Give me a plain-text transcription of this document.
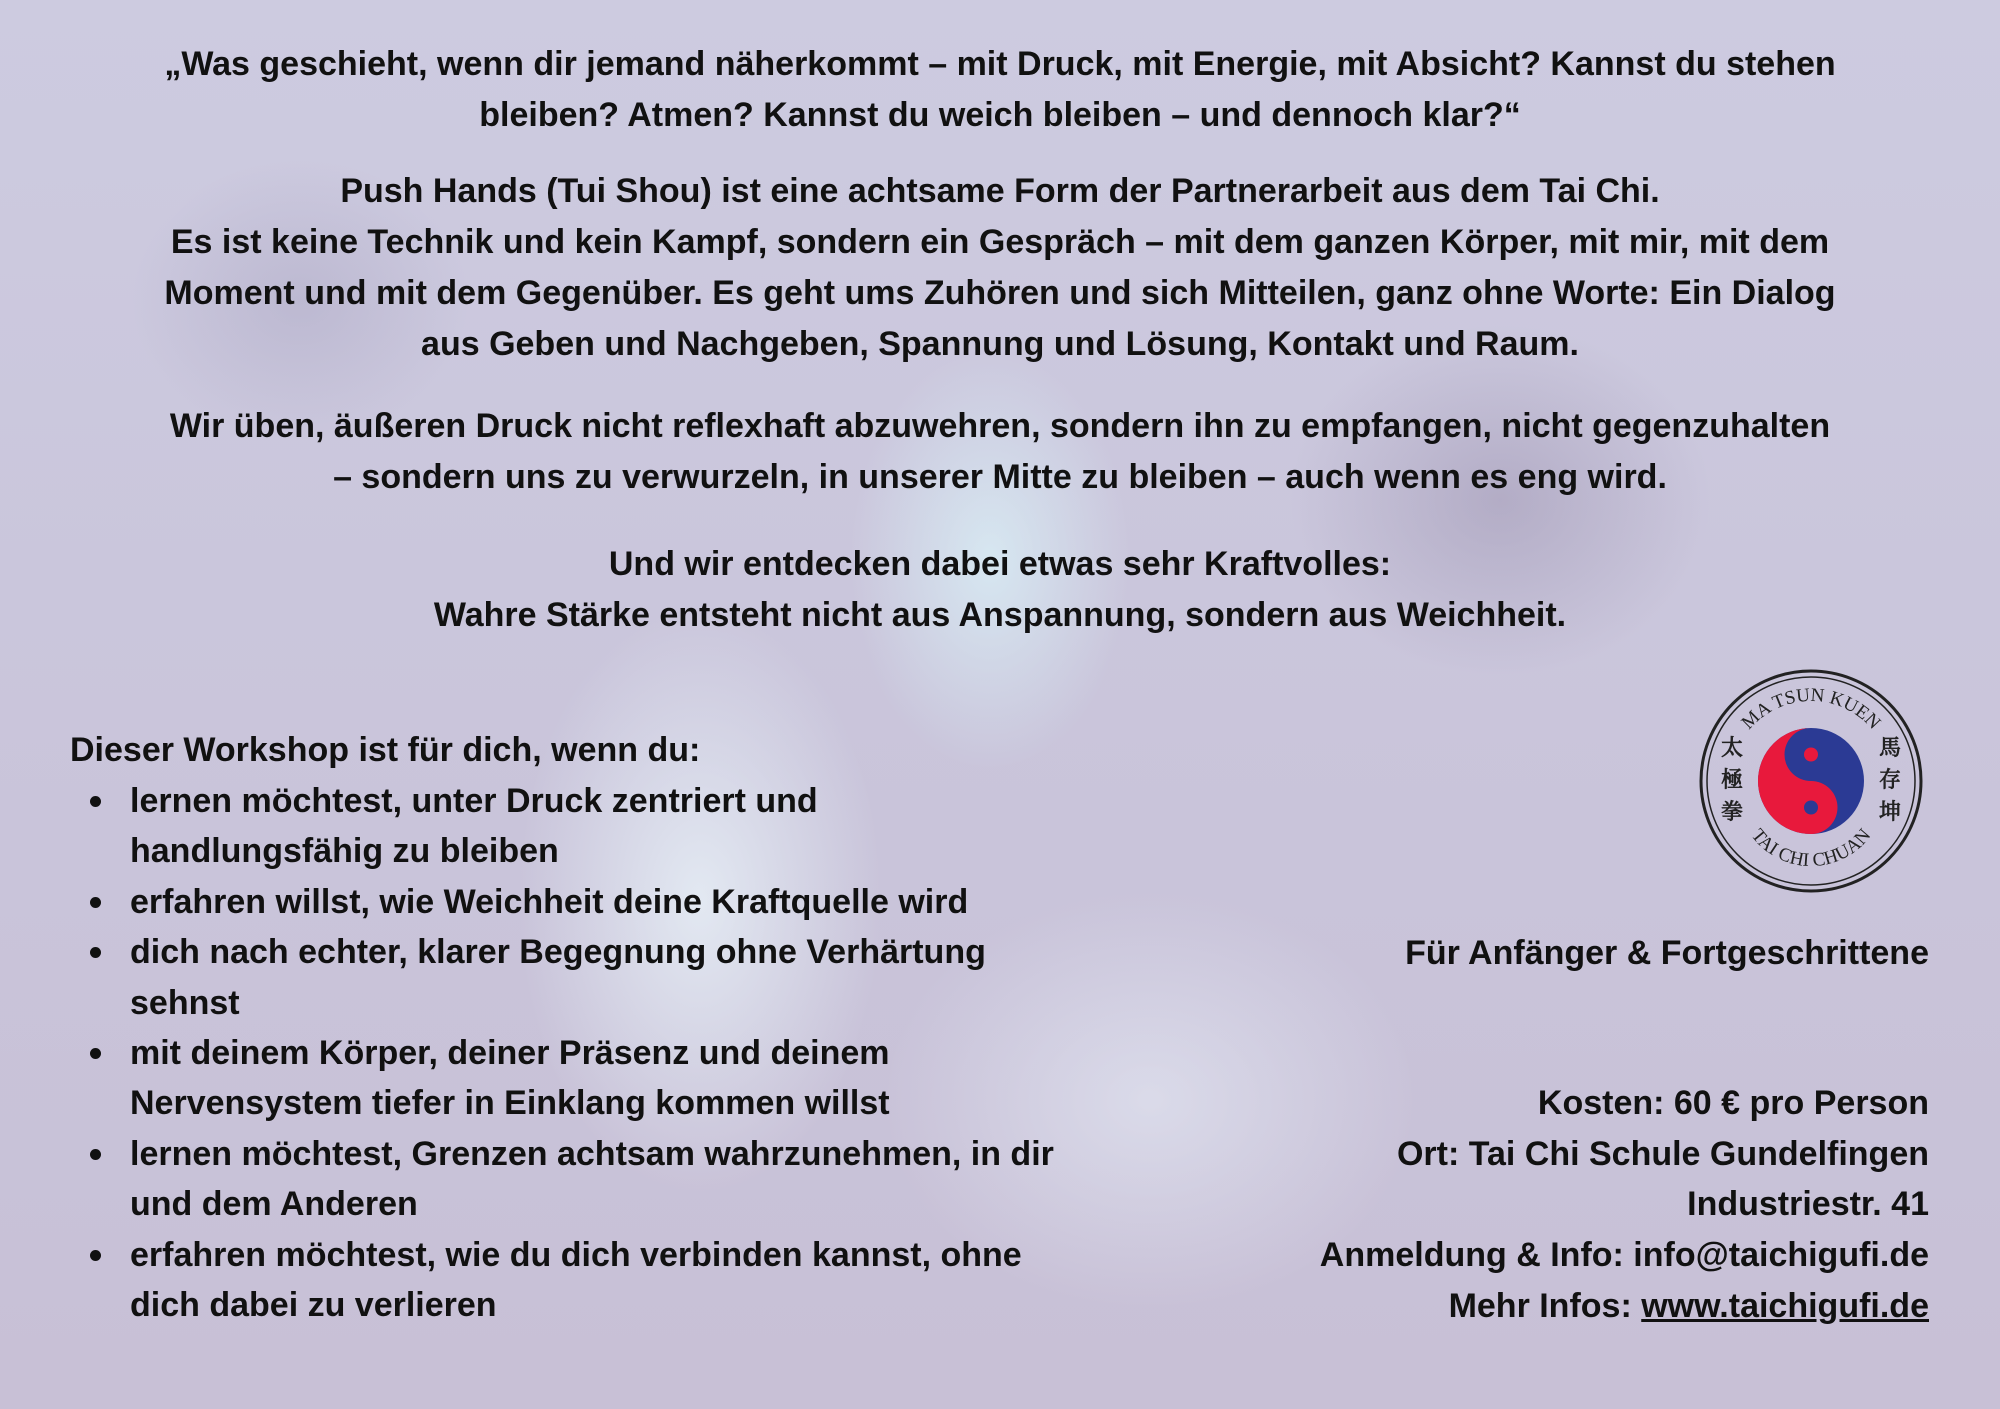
„Was geschieht, wenn dir jemand näherkommt – mit Druck, mit Energie, mit Absicht? Kannst du stehen
bleiben? Atmen? Kannst du weich bleiben – und dennoch klar?“
Push Hands (Tui Shou) ist eine achtsame Form der Partnerarbeit aus dem Tai Chi.
Es ist keine Technik und kein Kampf, sondern ein Gespräch – mit dem ganzen Körper, mit mir, mit dem
Moment und mit dem Gegenüber. Es geht ums Zuhören und sich Mitteilen, ganz ohne Worte: Ein Dialog
aus Geben und Nachgeben, Spannung und Lösung, Kontakt und Raum.
Wir üben, äußeren Druck nicht reflexhaft abzuwehren, sondern ihn zu empfangen, nicht gegenzuhalten
– sondern uns zu verwurzeln, in unserer Mitte zu bleiben – auch wenn es eng wird.
Und wir entdecken dabei etwas sehr Kraftvolles:
Wahre Stärke entsteht nicht aus Anspannung, sondern aus Weichheit.
Dieser Workshop ist für dich, wenn du:
lernen möchtest, unter Druck zentriert und
handlungsfähig zu bleiben
erfahren willst, wie Weichheit deine Kraftquelle wird
dich nach echter, klarer Begegnung ohne Verhärtung
sehnst
mit deinem Körper, deiner Präsenz und deinem
Nervensystem tiefer in Einklang kommen willst
lernen möchtest, Grenzen achtsam wahrzunehmen, in dir
und dem Anderen
erfahren möchtest, wie du dich verbinden kannst, ohne
dich dabei zu verlieren
MA TSUN KUEN
TAI CHI CHUAN
太極拳
馬存坤
Für Anfänger & Fortgeschrittene
Kosten: 60 € pro Person
Ort: Tai Chi Schule Gundelfingen
Industriestr. 41
Anmeldung & Info: info@taichigufi.de
Mehr Infos: www.taichigufi.de
